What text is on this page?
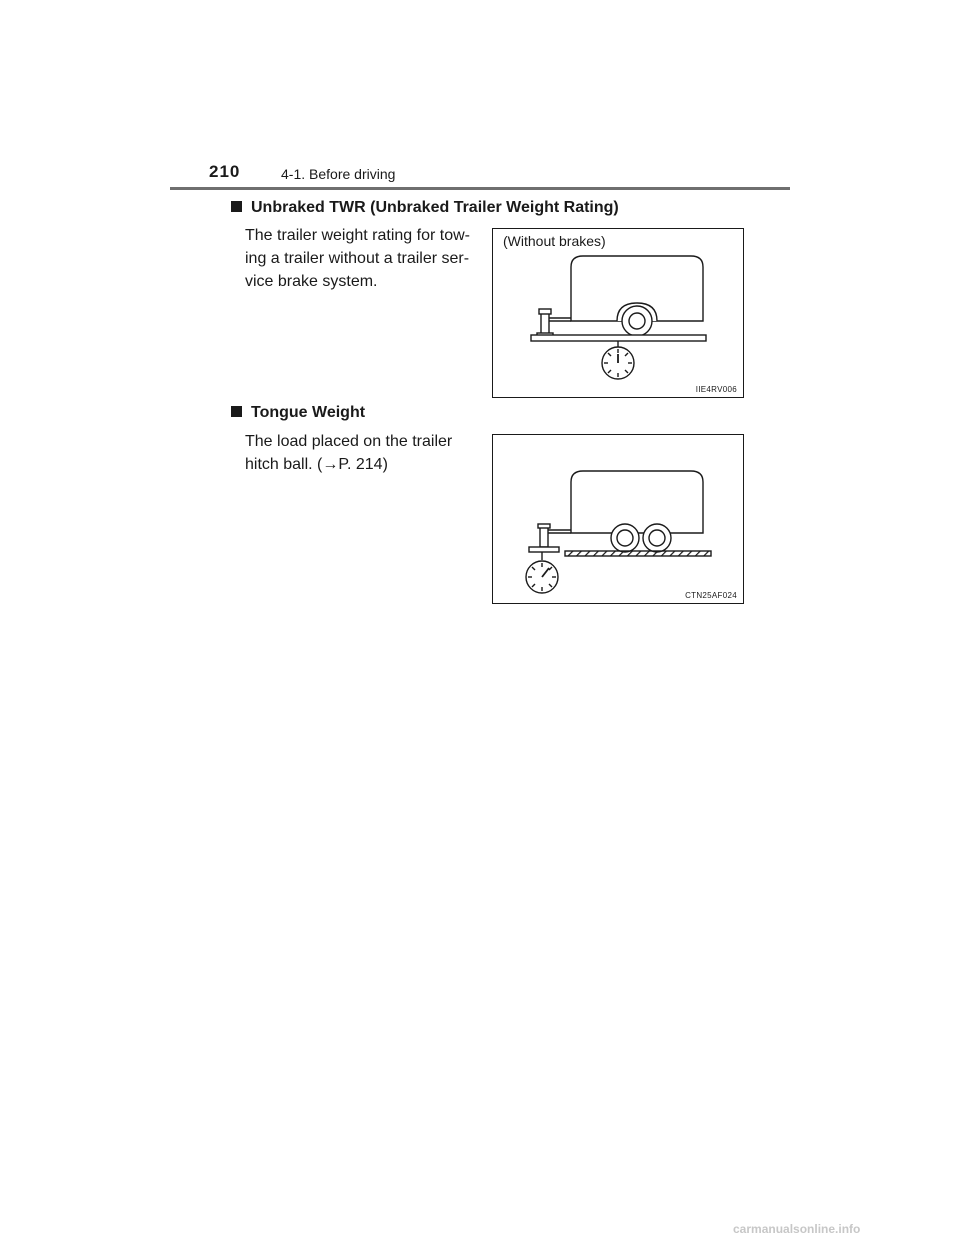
210	4-1. Before driving
Unbraked TWR (Unbraked Trailer Weight Rating)
The trailer weight rating for tow-
ing a trailer without a trailer ser-
vice brake system.
(Without brakes)
IIE4RV006
Tongue Weight
The load placed on the trailer
hitch ball. (→P. 214)
CTN25AF024
carmanualsonline.info
